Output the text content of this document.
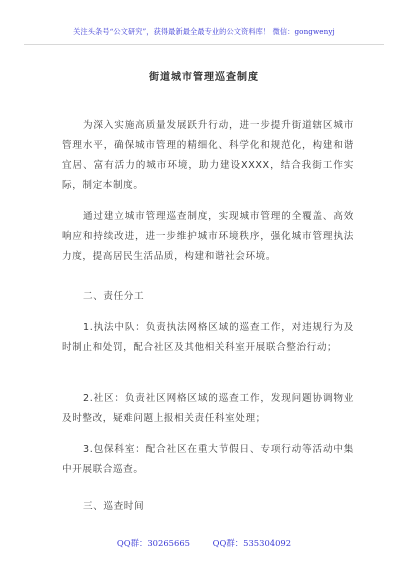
关注头条号“公文研究”，获得最新最全最专业的公文资料库！ 微信：gongwenyj
街道城市管理巡查制度

为深入实施高质量发展跃升行动，进一步提升街道辖区城市管理水平，确保城市管理的精细化、科学化和规范化，构建和谐宜居、富有活力的城市环境，助力建设XXXX，结合我街工作实际，制定本制度。

通过建立城市管理巡查制度，实现城市管理的全覆盖、高效响应和持续改进，进一步维护城市环境秩序，强化城市管理执法力度，提高居民生活品质，构建和谐社会环境。

二、责任分工

1.执法中队：负责执法网格区域的巡查工作，对违规行为及时制止和处罚，配合社区及其他相关科室开展联合整治行动；

2.社区：负责社区网格区域的巡查工作，发现问题协调物业及时整改，疑难问题上报相关责任科室处理；

3.包保科室：配合社区在重大节假日、专项行动等活动中集中开展联合巡查。

三、巡查时间

QQ群：30265665	QQ群：535304092
